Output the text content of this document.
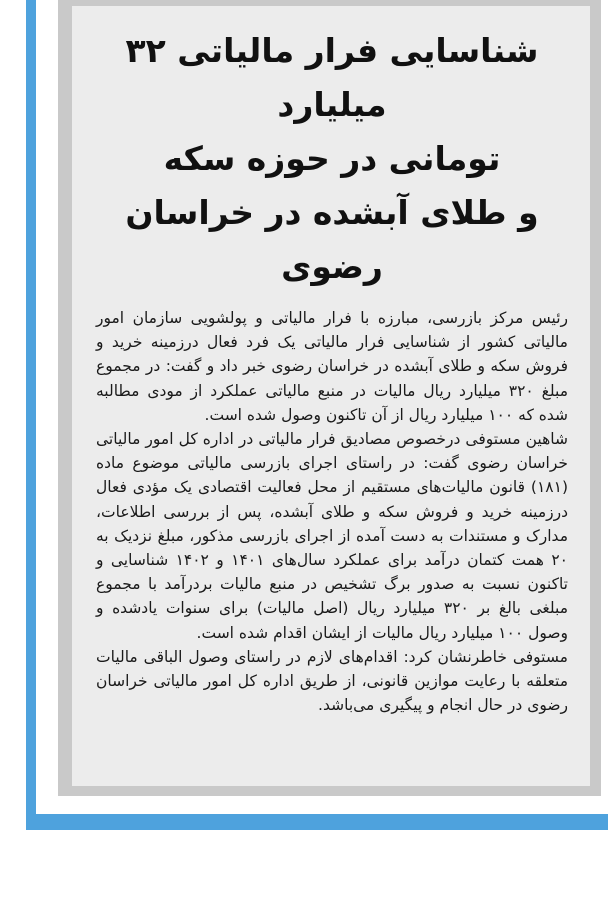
شناسایی فرار مالیاتی ۳۲ میلیارد
تومانی در حوزه سکه
و طلای آبشده در خراسان رضوی

رئیس مرکز بازرسی، مبارزه با فرار مالیاتی و پولشویی سازمان امور مالیاتی کشور از شناسایی فرار مالیاتی یک فرد فعال درزمینه خرید و فروش سکه و طلای آبشده در خراسان رضوی خبر داد و گفت: در مجموع مبلغ ۳۲۰ میلیارد ریال مالیات در منبع مالیاتی عملکرد از مودی مطالبه شده که ۱۰۰ میلیارد ریال از آن تاکنون وصول شده است.

شاهین مستوفی درخصوص مصادیق فرار مالیاتی در اداره کل امور مالیاتی خراسان رضوی گفت: در راستای اجرای بازرسی مالیاتی موضوع ماده (۱۸۱) قانون مالیات‌های مستقیم از محل فعالیت اقتصادی یک مؤدی فعال درزمینه خرید و فروش سکه و طلای آبشده، پس از بررسی اطلاعات، مدارک و مستندات به دست آمده از اجرای بازرسی مذکور، مبلغ نزدیک به ۲۰ همت کتمان درآمد برای عملکرد سال‌های ۱۴۰۱ و ۱۴۰۲ شناسایی و تاکنون نسبت به صدور برگ تشخیص در منبع مالیات بردرآمد با مجموع مبلغی بالغ بر ۳۲۰ میلیارد ریال (اصل مالیات) برای سنوات یادشده و وصول ۱۰۰ میلیارد ریال مالیات از ایشان اقدام شده است.

مستوفی خاطرنشان کرد: اقدام‌های لازم در راستای وصول الباقی مالیات متعلقه با رعایت موازین قانونی، از طریق اداره کل امور مالیاتی خراسان رضوی در حال انجام و پیگیری می‌باشد.
